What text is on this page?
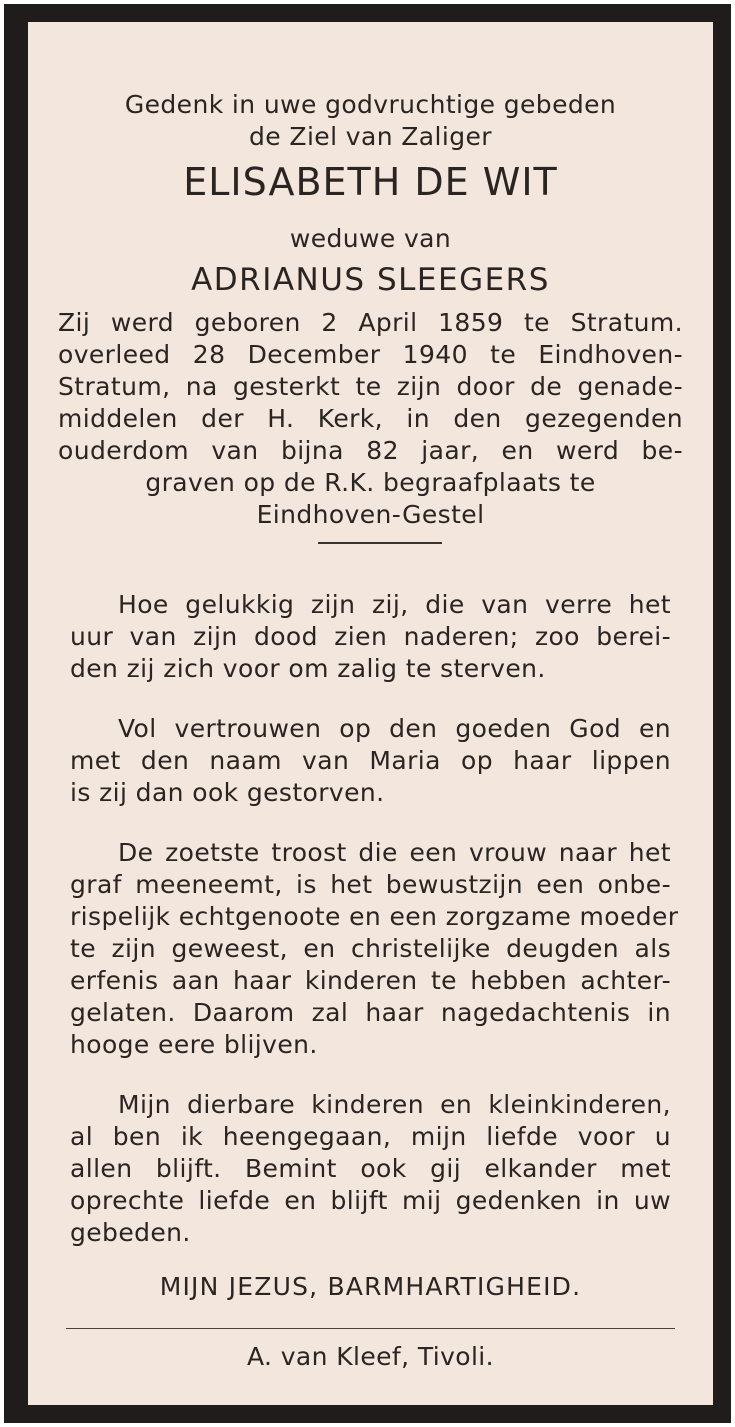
Gedenk in uwe godvruchtige gebeden
de Ziel van Zaliger
ELISABETH DE WIT
weduwe van
ADRIANUS SLEEGERS
Zij werd geboren 2 April 1859 te Stratum.
overleed 28 December 1940 te Eindhoven-
Stratum, na gesterkt te zijn door de genade-
middelen der H. Kerk, in den gezegenden
ouderdom van bijna 82 jaar, en werd be-
graven op de R.K. begraafplaats te
Eindhoven-Gestel
Hoe gelukkig zijn zij, die van verre het
uur van zijn dood zien naderen; zoo berei-
den zij zich voor om zalig te sterven.
Vol vertrouwen op den goeden God en
met den naam van Maria op haar lippen
is zij dan ook gestorven.
De zoetste troost die een vrouw naar het
graf meeneemt, is het bewustzijn een onbe-
rispelijk echtgenoote en een zorgzame moeder
te zijn geweest, en christelijke deugden als
erfenis aan haar kinderen te hebben achter-
gelaten. Daarom zal haar nagedachtenis in
hooge eere blijven.
Mijn dierbare kinderen en kleinkinderen,
al ben ik heengegaan, mijn liefde voor u
allen blijft. Bemint ook gij elkander met
oprechte liefde en blijft mij gedenken in uw
gebeden.
MIJN JEZUS, BARMHARTIGHEID.
A. van Kleef, Tivoli.
